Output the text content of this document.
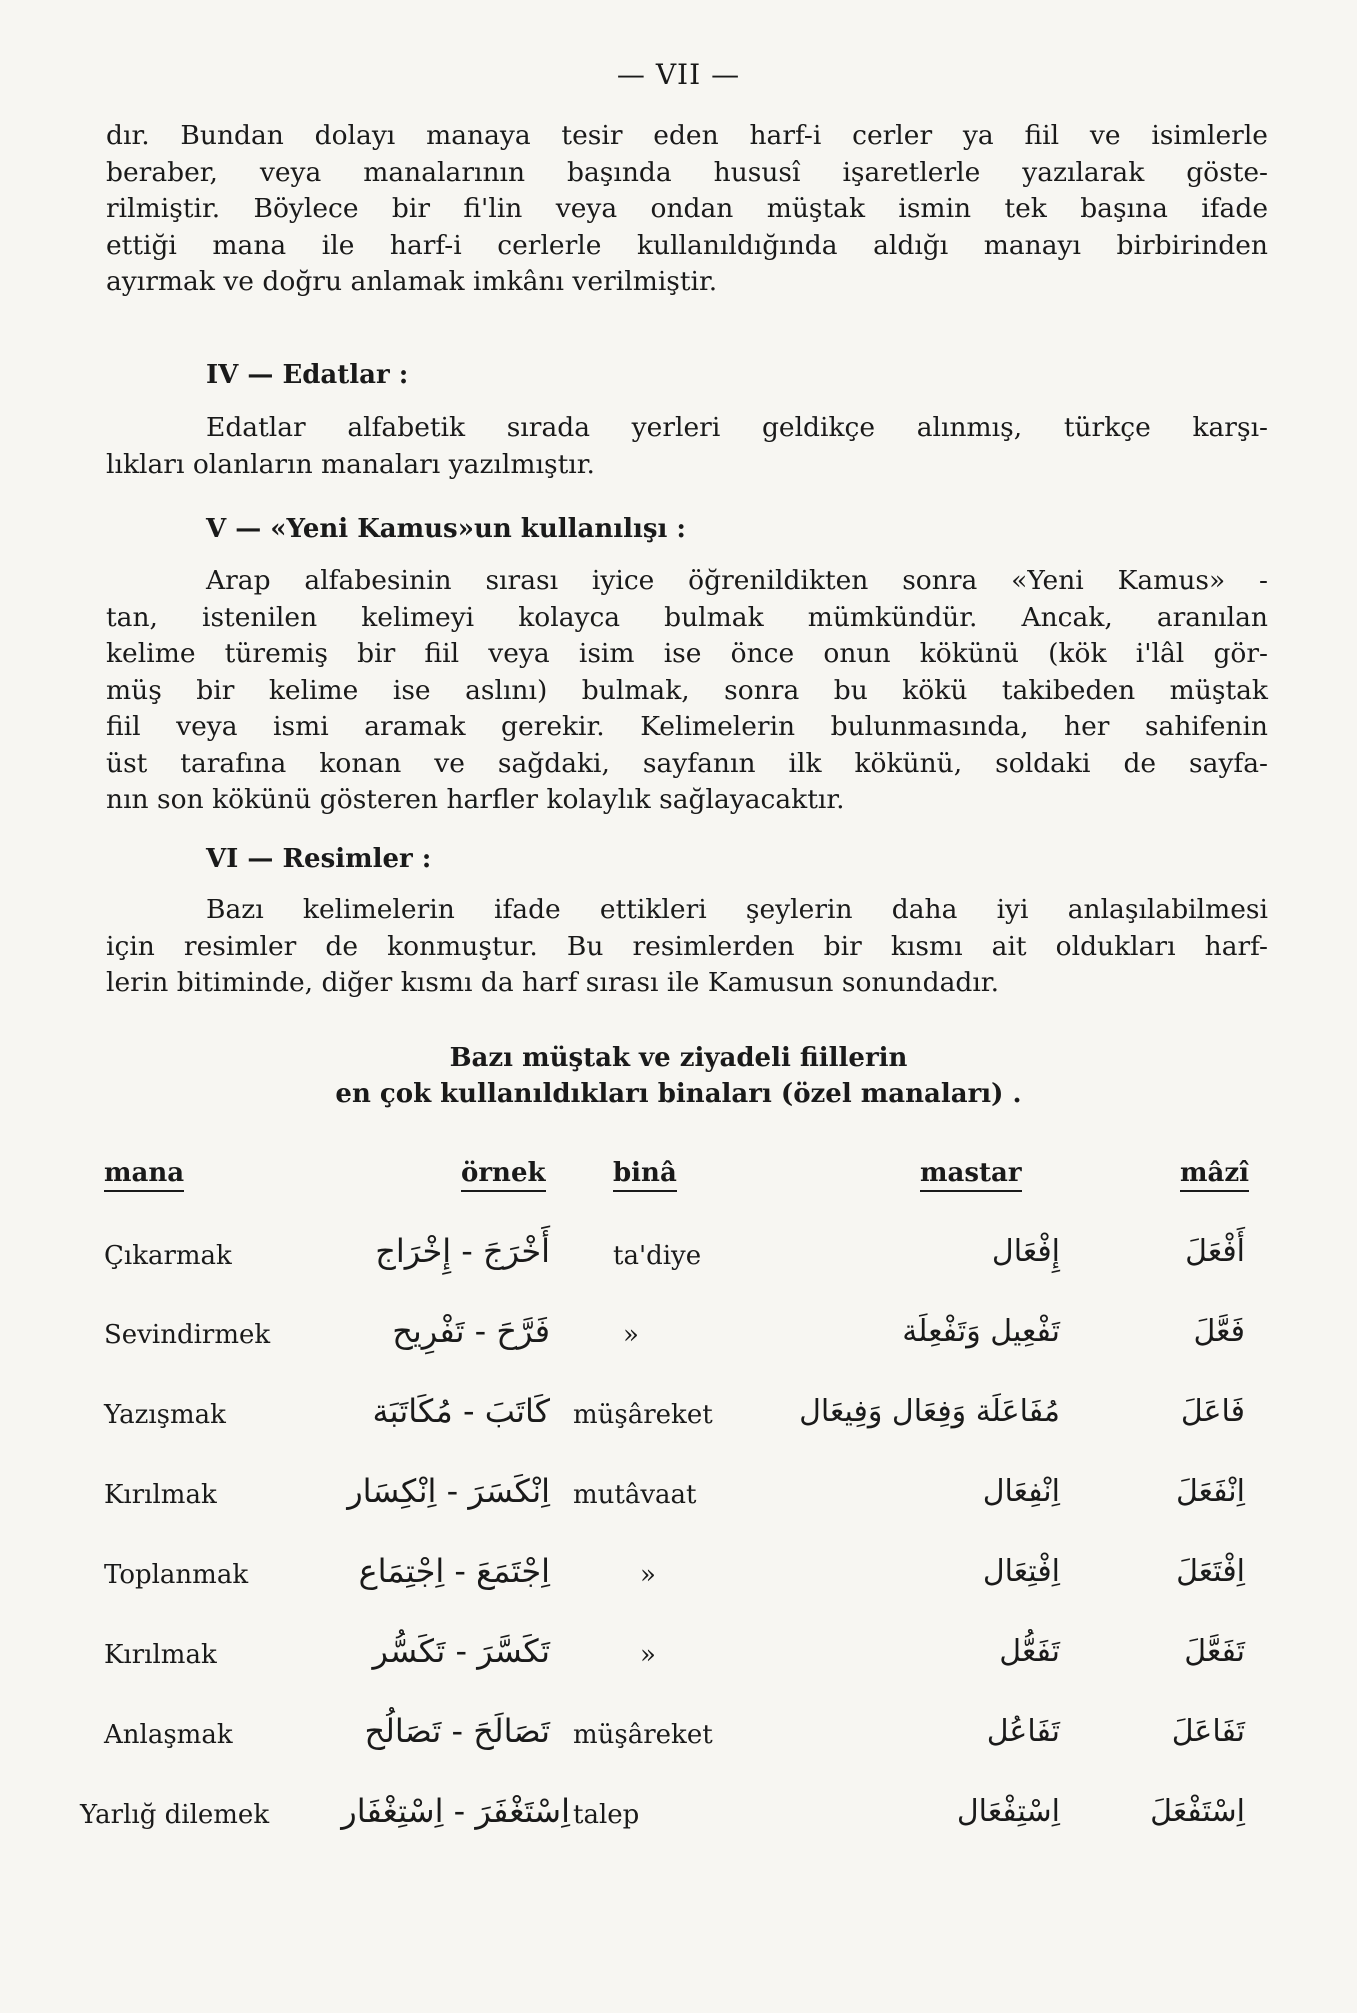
— VII —
dır. Bundan dolayı manaya tesir eden harf-i cerler ya fiil ve isimlerle
beraber, veya manalarının başında hususî işaretlerle yazılarak göste-
rilmiştir. Böylece bir fi'lin veya ondan müştak ismin tek başına ifade
ettiği mana ile harf-i cerlerle kullanıldığında aldığı manayı birbirinden
ayırmak ve doğru anlamak imkânı verilmiştir.
IV — Edatlar :
Edatlar alfabetik sırada yerleri geldikçe alınmış, türkçe karşı-
lıkları olanların manaları yazılmıştır.
V — «Yeni Kamus»un kullanılışı :
Arap alfabesinin sırası iyice öğrenildikten sonra «Yeni Kamus» -
tan, istenilen kelimeyi kolayca bulmak mümkündür. Ancak, aranılan
kelime türemiş bir fiil veya isim ise önce onun kökünü (kök i'lâl gör-
müş bir kelime ise aslını) bulmak, sonra bu kökü takibeden müştak
fiil veya ismi aramak gerekir. Kelimelerin bulunmasında, her sahifenin
üst tarafına konan ve sağdaki, sayfanın ilk kökünü, soldaki de sayfa-
nın son kökünü gösteren harfler kolaylık sağlayacaktır.
VI — Resimler :
Bazı kelimelerin ifade ettikleri şeylerin daha iyi anlaşılabilmesi
için resimler de konmuştur. Bu resimlerden bir kısmı ait oldukları harf-
lerin bitiminde, diğer kısmı da harf sırası ile Kamusun sonundadır.
Bazı müştak ve ziyadeli fiillerin
en çok kullanıldıkları binaları (özel manaları) .
mana	örnek	binâ	mastar	mâzî
Çıkarmak	أَخْرَجَ - إِخْرَاج ta'diye	إِفْعَال	أَفْعَلَ
Sevindirmek	فَرَّحَ - تَفْرِيح	»	تَفْعِيل وَتَفْعِلَة	فَعَّلَ
Yazışmak	كَاتَبَ - مُكَاتَبَة müşâreket	مُفَاعَلَة وَفِعَال وَفِيعَال	فَاعَلَ
Kırılmak	اِنْكَسَرَ - اِنْكِسَار mutâvaat	اِنْفِعَال	اِنْفَعَلَ
Toplanmak	اِجْتَمَعَ - اِجْتِمَاع	»	اِفْتِعَال	اِفْتَعَلَ
Kırılmak	تَكَسَّرَ - تَكَسُّر	»	تَفَعُّل	تَفَعَّلَ
Anlaşmak	تَصَالَحَ - تَصَالُح müşâreket	تَفَاعُل	تَفَاعَلَ
Yarlığ dilemek	اِسْتَغْفَرَ - اِسْتِغْفَار talep	اِسْتِفْعَال	اِسْتَفْعَلَ
